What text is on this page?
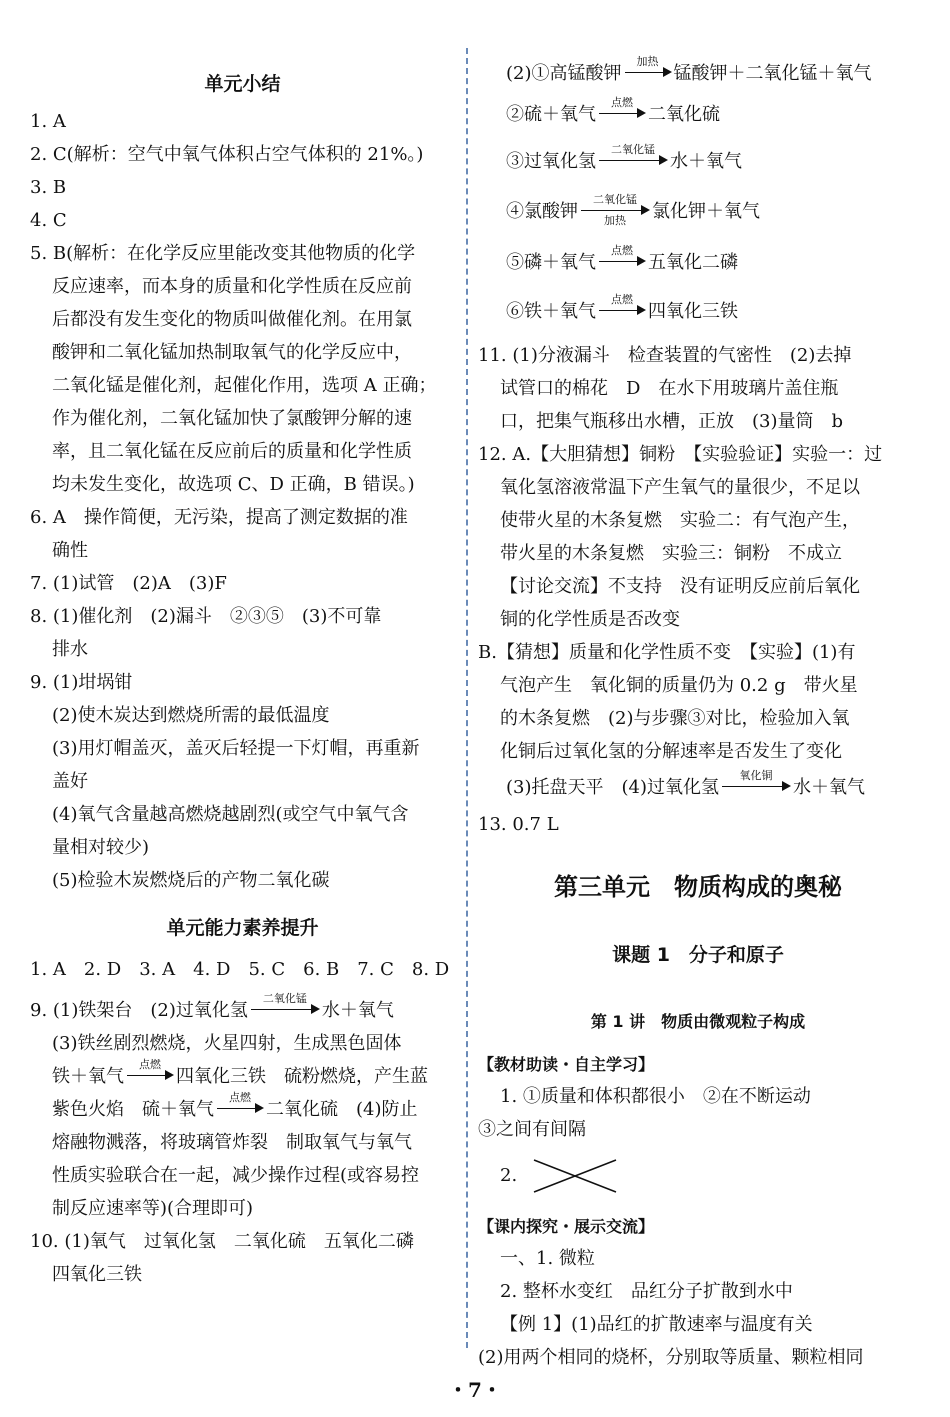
单元小结
1. A
2. C(解析：空气中氧气体积占空气体积的 21%。)
3. B
4. C
5. B(解析：在化学反应里能改变其他物质的化学
反应速率，而本身的质量和化学性质在反应前
后都没有发生变化的物质叫做催化剂。在用氯
酸钾和二氧化锰加热制取氧气的化学反应中，
二氧化锰是催化剂，起催化作用，选项 A 正确；
作为催化剂，二氧化锰加快了氯酸钾分解的速
率，且二氧化锰在反应前后的质量和化学性质
均未发生变化，故选项 C、D 正确，B 错误。)
6. A　操作简便，无污染，提高了测定数据的准
确性
7. (1)试管　(2)A　(3)F
8. (1)催化剂　(2)漏斗　②③⑤　(3)不可靠
排水
9. (1)坩埚钳
(2)使木炭达到燃烧所需的最低温度
(3)用灯帽盖灭，盖灭后轻提一下灯帽，再重新
盖好
(4)氧气含量越高燃烧越剧烈(或空气中氧气含
量相对较少)
(5)检验木炭燃烧后的产物二氧化碳
单元能力素养提升
1. A　2. D　3. A　4. D　5. C　6. B　7. C　8. D
9. (1)铁架台　(2)过氧化氢
二氧化锰
水＋氧气
(3)铁丝剧烈燃烧，火星四射，生成黑色固体
铁＋氧气
点燃
四氧化三铁　硫粉燃烧，产生蓝
紫色火焰　硫＋氧气
点燃
二氧化硫　(4)防止
熔融物溅落，将玻璃管炸裂　制取氧气与氧气
性质实验联合在一起，减少操作过程(或容易控
制反应速率等)(合理即可)
10. (1)氧气　过氧化氢　二氧化硫　五氧化二磷
四氧化三铁
(2)①高锰酸钾
加热
锰酸钾＋二氧化锰＋氧气
②硫＋氧气
点燃
二氧化硫
③过氧化氢
二氧化锰
水＋氧气
④氯酸钾
二氧化锰
加热	氯化钾＋氧气
⑤磷＋氧气
点燃
五氧化二磷
⑥铁＋氧气
点燃
四氧化三铁
11. (1)分液漏斗　检查装置的气密性　(2)去掉
试管口的棉花　D　在水下用玻璃片盖住瓶
口，把集气瓶移出水槽，正放　(3)量筒　b
12. A.【大胆猜想】铜粉　【实验验证】实验一：过
氧化氢溶液常温下产生氧气的量很少，不足以
使带火星的木条复燃　实验二：有气泡产生，
带火星的木条复燃　实验三：铜粉　不成立
【讨论交流】不支持　没有证明反应前后氧化
铜的化学性质是否改变
B.【猜想】质量和化学性质不变　【实验】(1)有
气泡产生　氧化铜的质量仍为 0.2 g　带火星
的木条复燃　(2)与步骤③对比，检验加入氧
化铜后过氧化氢的分解速率是否发生了变化
(3)托盘天平　(4)过氧化氢
氧化铜
水＋氧气
13. 0.7 L
第三单元　物质构成的奥秘
课题 1　分子和原子
第 1 讲　物质由微观粒子构成
【教材助读・自主学习】
1. ①质量和体积都很小　②在不断运动
③之间有间隔
2.
【课内探究・展示交流】
一、1. 微粒
2. 整杯水变红　品红分子扩散到水中
【例 1】(1)品红的扩散速率与温度有关
(2)用两个相同的烧杯，分别取等质量、颗粒相同
・7・
